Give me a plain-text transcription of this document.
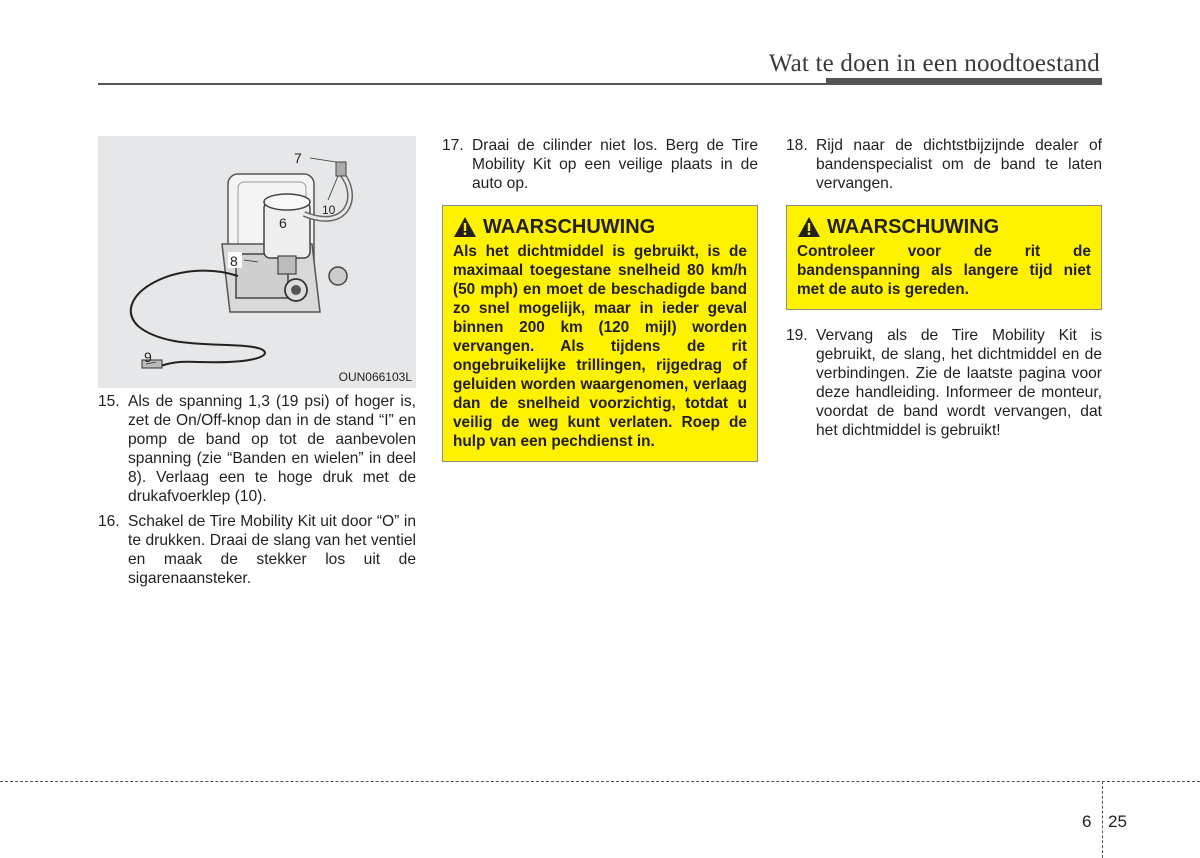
Wat te doen in een noodtoestand
7
6
10
8
9
OUN066103L
15. Als de spanning 1,3 (19 psi) of hoger is, zet de On/Off-knop dan in de stand “I” en pomp de band op tot de aanbevolen spanning (zie “Banden en wielen” in deel 8). Verlaag een te hoge druk met de drukafvoerklep (10).
16. Schakel de Tire Mobility Kit uit door “O” in te drukken. Draai de slang van het ventiel en maak de stekker los uit de sigarenaansteker.
17. Draai de cilinder niet los. Berg de Tire Mobility Kit op een veilige plaats in de auto op.
WAARSCHUWING
Als het dichtmiddel is gebruikt, is de maximaal toegestane snelheid 80 km/h (50 mph) en moet de beschadigde band zo snel mogelijk, maar in ieder geval binnen 200 km (120 mijl) worden vervangen. Als tijdens de rit ongebruikelijke trillingen, rijgedrag of geluiden worden waargenomen, verlaag dan de snelheid voorzichtig, totdat u veilig de weg kunt verlaten. Roep de hulp van een pechdienst in.
18. Rijd naar de dichtstbijzijnde dealer of bandenspecialist om de band te laten vervangen.
WAARSCHUWING
Controleer voor de rit de bandenspanning als langere tijd niet met de auto is gereden.
19. Vervang als de Tire Mobility Kit is gebruikt, de slang, het dichtmiddel en de verbindingen. Zie de laatste pagina voor deze handleiding. Informeer de monteur, voordat de band wordt vervangen, dat het dichtmiddel is gebruikt!
6 25
